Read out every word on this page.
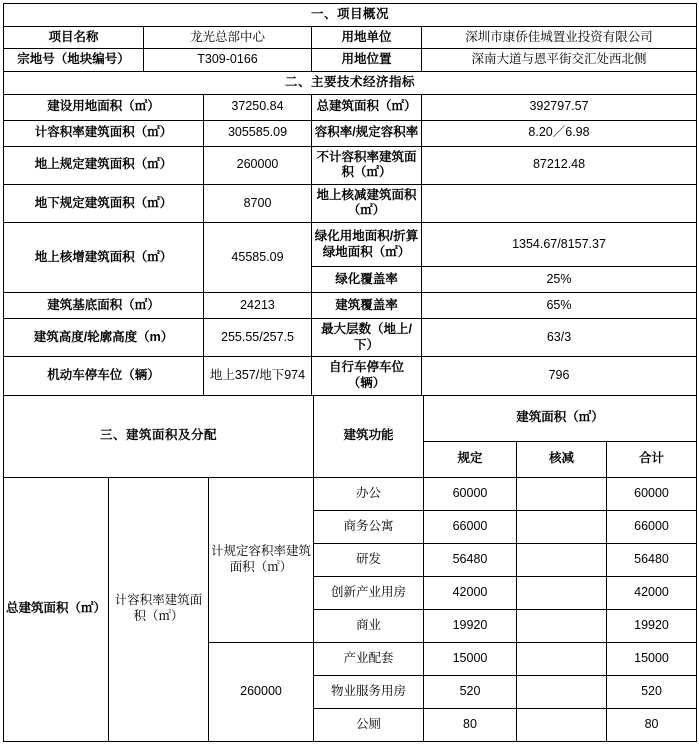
一、项目概况			
项目名称	龙光总部中心	用地单位	深圳市康侨佳城置业投资有限公司
宗地号（地块编号）	T309-0166	用地位置	深南大道与恩平街交汇处西北侧
二、主要技术经济指标			
建设用地面积（㎡）	37250.84	总建筑面积（㎡）	392797.57
计容积率建筑面积（㎡）	305585.09	容积率/规定容积率	8.20／6.98
地上规定建筑面积（㎡）	260000	不计容积率建筑面积（㎡）	87212.48
地下规定建筑面积（㎡）	8700	地上核减建筑面积（㎡）	
地上核增建筑面积（㎡）	45585.09	绿化用地面积/折算绿地面积（㎡）	1354.67/8157.37
		绿化覆盖率	25%
建筑基底面积（㎡）	24213	建筑覆盖率	65%
建筑高度/轮廓高度（m）	255.55/257.5	最大层数（地上/下）	63/3
机动车停车位（辆）	地上357/地下974	自行车停车位（辆）	796
三、建筑面积及分配			建筑功能	建筑面积（㎡）		
				规定	核减	合计
总建筑面积（㎡）	计容积率建筑面积（㎡）	计规定容积率建筑面积（㎡）	办公	60000		60000
			商务公寓	66000		66000
			研发	56480		56480
			创新产业用房	42000		42000
			商业	19920		19920
		260000	产业配套	15000		15000
			物业服务用房	520		520
			公厕	80		80
